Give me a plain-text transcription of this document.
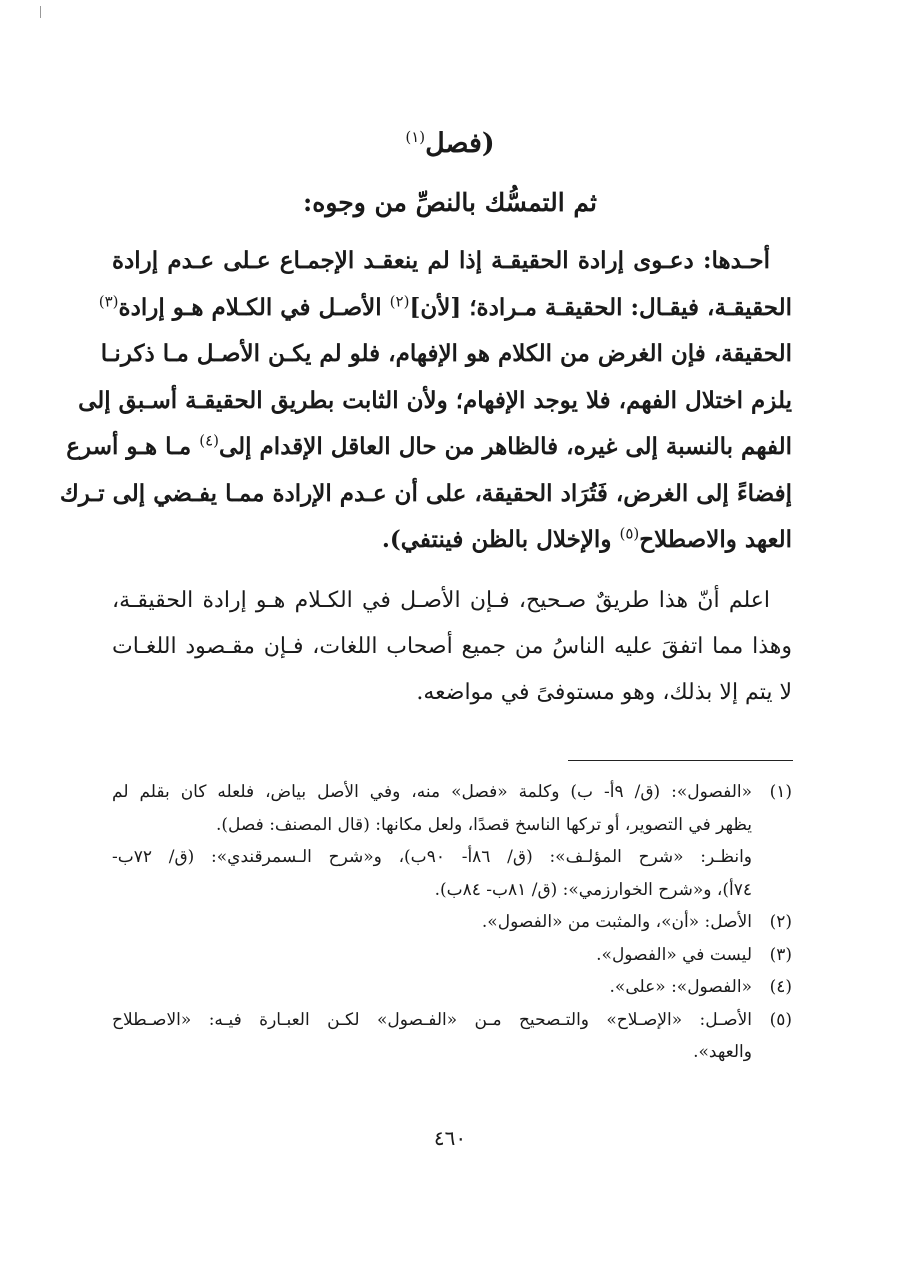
(فصل$^{(١)}$
ثم التمسُّك بالنصِّ من وجوه:
أحـدها: دعـوى إرادة الحقيقـة إذا لم ينعقـد الإجمـاع عـلى عـدم إرادة
الحقيقـة، فيقـال: الحقيقـة مـرادة؛ [لأن]$^{(٢)}$ الأصـل في الكـلام هـو إرادة$^{(٣)}$
الحقيقة، فإن الغرض من الكلام هو الإفهام، فلو لم يكـن الأصـل مـا ذكرنـا
يلزم اختلال الفهم، فلا يوجد الإفهام؛ ولأن الثابت بطريق الحقيقـة أسـبق إلى
الفهم بالنسبة إلى غيره، فالظاهر من حال العاقل الإقدام إلى$^{(٤)}$ مـا هـو أسرع
إفضاءً إلى الغرض، فَتُرَاد الحقيقة، على أن عـدم الإرادة ممـا يفـضي إلى تـرك
العهد والاصطلاح$^{(٥)}$ والإخلال بالظن فينتفي).
اعلم أنّ هذا طريقٌ صـحيح، فـإن الأصـل في الكـلام هـو إرادة الحقيقـة،
وهذا مما اتفقَ عليه الناسُ من جميع أصحاب اللغات، فـإن مقـصود اللغـات
لا يتم إلا بذلك، وهو مستوفىً في مواضعه.
(١)
«الفصول»: (ق/ ٩أ- ب) وكلمة «فصل» منه، وفي الأصل بياض، فلعله كان بقلم لم
يظهر في التصوير، أو تركها الناسخ قصدًا، ولعل مكانها: (قال المصنف: فصل).
وانظـر: «شرح المؤلـف»: (ق/ ٨٦أ- ٩٠ب)، و«شرح الـسمرقندي»: (ق/ ٧٢ب-
٧٤أ)، و«شرح الخوارزمي»: (ق/ ٨١ب- ٨٤ب).
(٢)
الأصل: «أن»، والمثبت من «الفصول».
(٣)
ليست في «الفصول».
(٤)
«الفصول»: «على».
(٥)
الأصـل: «الإصـلاح» والتـصحيح مـن «الفـصول» لكـن العبـارة فيـه: «الاصـطلاح
والعهد».
٤٦٠
